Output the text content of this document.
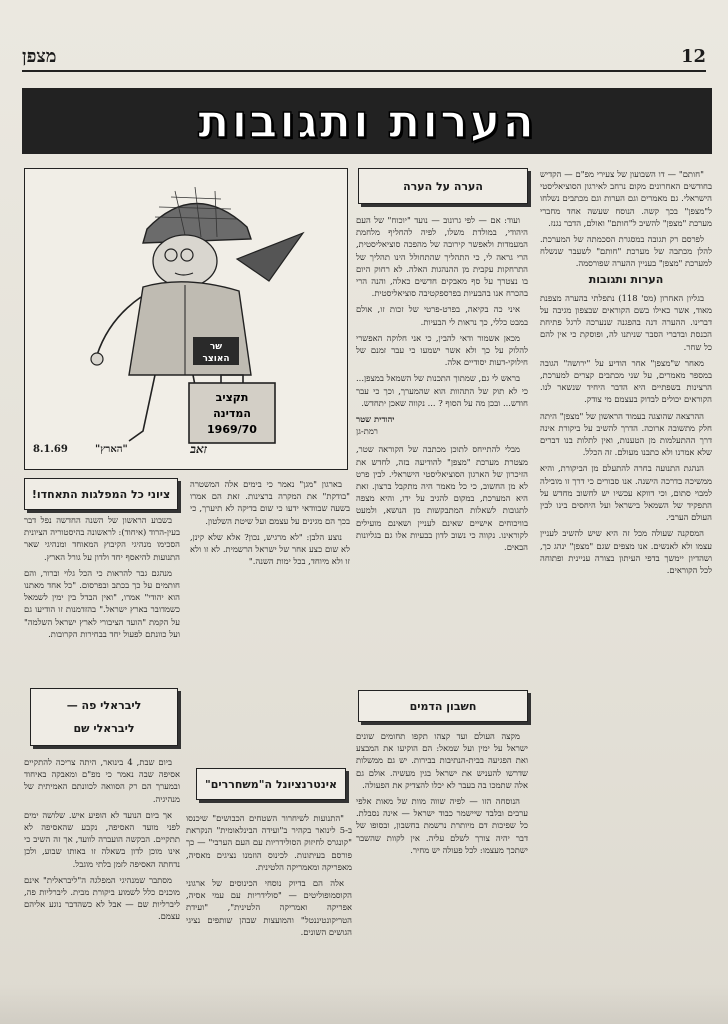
12
מצפן
הערות ותגובות

"חותם" — דו השבועון של צעירי מפ"ם — הקדיש בחודשים האחרונים מקום נרחב לאירגון הסוציאליסטי הישראלי. גם מאמרים וגם הערות וגם מכתבים נשלחו ל"מצפן" בכך קשה. הנוסח שעשה אחד מחברי מערכת "מצפן" להשיב ל"חותם" ואולם, הדבר נגנז.

לפרסם רק תגובה במסגרת הסכמתה של המערכת. להלן מכתבה של מערכת "חותם" לשעבר שנשלח למערכת "מצפן" בעניין ההערה שפורסמה.

הערות ותגובות

בגליון האחרון (מס' 118) נתפלתי בהערה מצפנת מאוד, אשר כאילו בשם הקוראים שבצפון מגיבה על דברינו. ההערה דנה בהפגנה שנערכה לרגל פתיחת הכנסת ובדברי הסבר שניתנו לה, ופוסקת כי אין להם כל שחר.

מאחר ש"מצפן" אחר הודיע על "ירושה" הגובה במספר מאמרים, על שני מכתבים קצרים למערכת, הרצינות בשפתיים היא הדבר היחיד שנשאר לנו. הקוראים יכולים לבדוק בעצמם מי צודק.

ההרצאה שהוצגה בעמוד הראשון של "מצפן" היתה חלק מתשובה ארוכה. הדרך להשיב על ביקורת אינה דרך ההתעלמות מן הטענות, ואין לתלות בנו דברים שלא אמרנו ולא כתבנו מעולם. זה הכלל.

הנהגת התנועה בחרה להתעלם מן הביקורת, והיא ממשיכה בדרכה הישנה. אנו סבורים כי דרך זו מובילה למבוי סתום, וכי דווקא עכשיו יש לחשוב מחדש על התפקיד של השמאל בישראל ועל היחסים בינו לבין העולם הערבי.

המסקנה שעולה מכל זה היא שיש להשיב לעניין עצמו ולא לאנשים. אנו מצפים שגם "מצפן" ינהג כך, ושהדיון יימשך בדפי העיתון בצורה עניינית ופתוחה לכל הקוראים.

הערה על הערה

ועוד: אם — לפי גרונוב — נועד "יוכוח" של העם היהודי, במולדת משלו, לפיה להחליף מלחמת המעמדות ולאפשר קירובה של מהפכה סוציאליסטית, הרי גראה לי, כי התהליך שהתחולל הינו תהליך של התרחקות עקבית מן ההנהגות האלה. לא רחוק היום בו נצטרך על סף מאבקים חדשים כאלה, והנה הרי בהכרח אנו בהבעיות בפרספקטיבה סוציאליסטית.

איני כה בקיאה, בפרט-פרטי של זכות זו, אולם במבט כללי, כך נראות לי הבעיות.

מכאן אשמור ודאי להבין, כי אני חלוקה האפשרי להלוק על כך ולא אשר ישמעו כי עבר זמנם של חילוקי-דעות יסודיים אלה.

בראש לי גם, שמתוך התכנות של השמאל במצפן... כי לא תוק של התהוות הוא שהמערך, וכך כי עבר חודש... ובכן מה על הסוף ? ... נקווה שאכן יתחדש.

יהודית שטר

רמת-גן

מבלי להתייחס לתוכן מכתבה של הקוראה שטר, מצטרת מערכת "מצפן" להודיעה בזה, לחדש את הזיכרון של הארגון הסוציאליסטי הישראלי. לבין פרט לא מן החשוב, כי כל מאמר היה מתקבל ברצון. זאת היא המערכת, במקום להגיב על ידו, והיא מצפה לתגובות לשאלות המתבקשות מן הנושא, ולמעט בוויכוחים אישיים שאינם לעניין ושאינם מועילים לקוראינו. נקווה כי נשוב לדון בבעיות אלו גם בגליונות הבאים.

חשבון הדמים

מקצה העולם ועד קצהו תקפו תחומים שונים ישראל על ימין ועל שמאל: הם הוקיעו את המבצע ואת הפגיעה בבית-הנתיבות בבירות. יש גם ממשלות שדרשו להעניש את ישראל בגין מעשיה. אולם גם אלה שתמכו בה בעבר לא יכלו להצדיק את הפעולה.

הנוסחה הזו — לפיה שווה מוות של מאות אלפי ערבים ובלבד שיישמר כבוד ישראל — אינה נסבלת. כל שפיכות דם מיותרת נרשמת בחשבון, ובסופו של דבר יהיה צורך לשלם עליה. אין לקוות שהשבר ישתכך מעצמו: לכל פעולה יש מחיר.

אינטרנציונל ה"משחררים"

"התנועות לשיחרור השטחים הכבושים" שיכנסו ב-5 לינואר בקהיר ב"ועידה הבינלאומית" הנקראת "קונגרס לחיזוק הסולידריות עם העם הערבי" — כך פורסם בעיתונות. לכינוס הוזמנו נציגים מאסיה, מאפריקה ומאמריקה הלטינית.

אלה הם בדיוק נוסחי הכינוסים של ארגוני הקוסמופוליטים — "סולידריות עם עמי אסיה, אפריקה ואמריקה הלטינית", "ועידת הטריקונטיננטל" והמועצות שבהן שותפים נציגי הגושים השונים.

שר
האוצר
תקציב
המדינה
1969/70
"הארץ"
8.1.69	זאב
ציוני כל המפלגות התאחדו!

בשבוע הראשון של השנה החדשה נפל דבר בעין-הרוד (איחוד): לראשונה בהיסטוריה הציונית הסכימו מנהיגי הקיבוץ המאוחד ומנהיגי שאר התנועות להיאסף יחד ולדון על גורל הארץ.

מנהגם גבר להראות כי הכל גלוי וברור, והם חותמים על כך בכתב ובפרסום. "כל אחד מאתנו הוא יהודי" אמרו, "ואין הבדל בין ימין לשמאל כשמדובר בארץ ישראל." בהזדמנות זו הודיעו גם על הקמת "הועד הציבורי לארץ ישראל השלמה" ועל כוונתם לפעול יחד בבחירות הקרובות.

ליבראלי פה —
ליבראלי שם

ביום שבת, 4 בינואר, היתה צריכה להתקיים אסיפה שבה נאמר כי מפ"ם ומאבקה באיחוד ובמערך הם רק הסוואה לכוונתם האמיתית של מנהיגיה.

אך ביום הנועד לא הופיע איש. שלושה ימים לפני מועד האסיפה, נקבע שהאסיפה לא תתקיים. הבקשה הועברה לוועד, אך זה השיב כי אינו מוכן לדון בשאלה זו באותו שבוע, ולכן נדחתה האסיפה לזמן בלתי מוגבל.

מסתבר שמנהיגי המפלגה ה"ליבראלית" אינם מוכנים כלל לשמוע ביקורת מבית. ליברליות פה, ליברליות שם — אבל לא כשהדבר נוגע אליהם עצמם.

בארגון "מגן" נאמר כי בימים אלה המשטרה "בודקת" את המקרה ברצינות. זאת הם אמרו בשעה שבוודאי ידעו כי שום בדיקה לא תיערך, כי בכך הם מגינים על עצמם ועל שיטת השלטון.

נוצע הלבן: "לא מרגיש, נכון? אלא שלא קינן, לא שום כצע אחר של ישראל הרשמית. לא זו ולא זו ולא מיוחד, בכל ימות השנה."
